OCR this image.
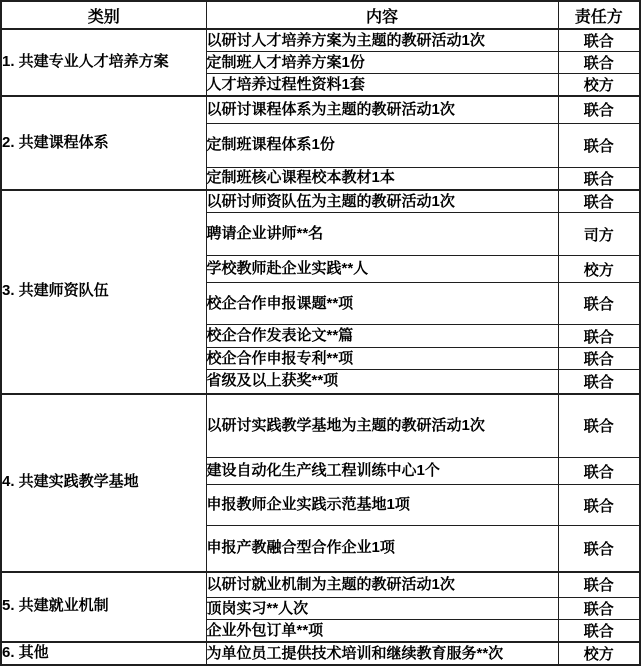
类别	内容	责任方
1. 共建专业人才培养方案	以研讨人才培养方案为主题的教研活动1次	联合
	定制班人才培养方案1份	联合
	人才培养过程性资料1套	校方
2. 共建课程体系	以研讨课程体系为主题的教研活动1次	联合
	定制班课程体系1份	联合
	定制班核心课程校本教材1本	联合
3. 共建师资队伍	以研讨师资队伍为主题的教研活动1次	联合
	聘请企业讲师**名	司方
	学校教师赴企业实践**人	校方
	校企合作申报课题**项	联合
	校企合作发表论文**篇	联合
	校企合作申报专利**项	联合
	省级及以上获奖**项	联合
4. 共建实践教学基地	以研讨实践教学基地为主题的教研活动1次	联合
	建设自动化生产线工程训练中心1个	联合
	申报教师企业实践示范基地1项	联合
	申报产教融合型合作企业1项	联合
5. 共建就业机制	以研讨就业机制为主题的教研活动1次	联合
	顶岗实习**人次	联合
	企业外包订单**项	联合
6. 其他	为单位员工提供技术培训和继续教育服务**次	校方
